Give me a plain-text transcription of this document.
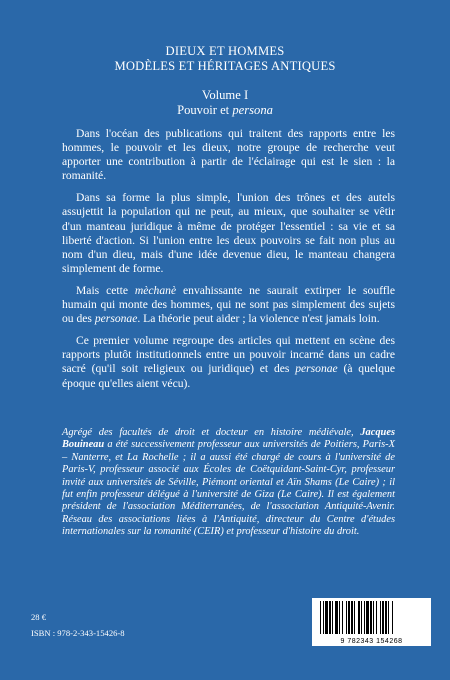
DIEUX ET HOMMES
MODÈLES ET HÉRITAGES ANTIQUES
Volume I
Pouvoir et persona

Dans l'océan des publications qui traitent des rapports entre les hommes, le pouvoir et les dieux, notre groupe de recherche veut apporter une contribution à partir de l'éclairage qui est le sien : la romanité.

Dans sa forme la plus simple, l'union des trônes et des autels assujettit la population qui ne peut, au mieux, que souhaiter se vêtir d'un manteau juridique à même de protéger l'essentiel : sa vie et sa liberté d'action. Si l'union entre les deux pouvoirs se fait non plus au nom d'un dieu, mais d'une idée devenue dieu, le manteau changera simplement de forme.

Mais cette mèchanè envahissante ne saurait extirper le souffle humain qui monte des hommes, qui ne sont pas simplement des sujets ou des personae. La théorie peut aider ; la violence n'est jamais loin.

Ce premier volume regroupe des articles qui mettent en scène des rapports plutôt institutionnels entre un pouvoir incarné dans un cadre sacré (qu'il soit religieux ou juridique) et des personae (à quelque époque qu'elles aient vécu).

Agrégé des facultés de droit et docteur en histoire médiévale, Jacques Bouineau a été successivement professeur aux universités de Poitiers, Paris-X – Nanterre, et La Rochelle ; il a aussi été chargé de cours à l'université de Paris-V, professeur associé aux Écoles de Coëtquidant-Saint-Cyr, professeur invité aux universités de Séville, Piémont oriental et Aïn Shams (Le Caire) ; il fut enfin professeur délégué à l'université de Giza (Le Caire). Il est également président de l'association Méditerranées, de l'association Antiquité-Avenir. Réseau des associations liées à l'Antiquité, directeur du Centre d'études internationales sur la romanité (CEIR) et professeur d'histoire du droit.
28 €
ISBN : 978-2-343-15426-8
9 782343 154268
